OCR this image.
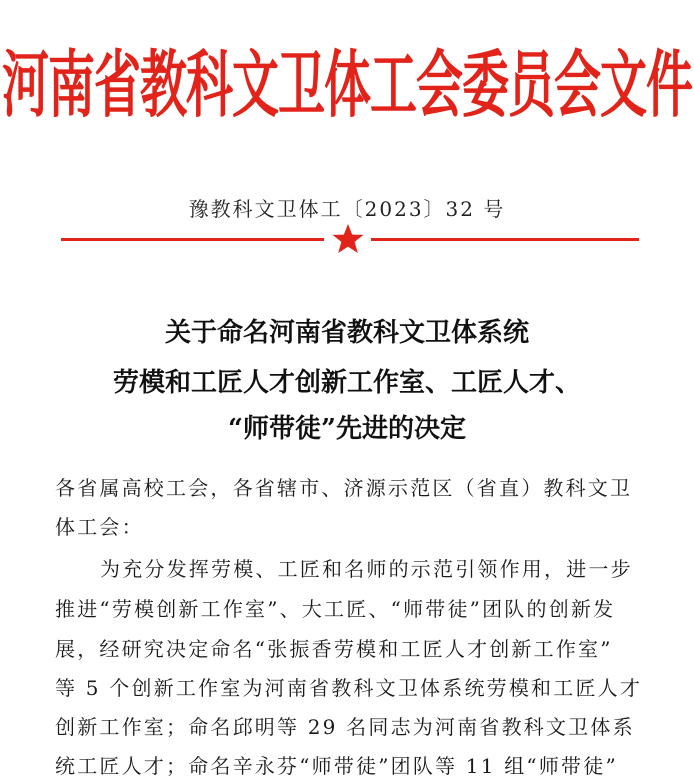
河南省教科文卫体工会委员会文件
豫教科文卫体工〔2023〕32 号
关于命名河南省教科文卫体系统
劳模和工匠人才创新工作室、工匠人才、
“师带徒”先进的决定
各省属高校工会，各省辖市、济源示范区（省直）教科文卫
体工会：
为充分发挥劳模、工匠和名师的示范引领作用，进一步
推进“劳模创新工作室”、大工匠、“师带徒”团队的创新发
展，经研究决定命名“张振香劳模和工匠人才创新工作室”
等 5 个创新工作室为河南省教科文卫体系统劳模和工匠人才
创新工作室；命名邱明等 29 名同志为河南省教科文卫体系
统工匠人才；命名辛永芬“师带徒”团队等 11 组“师带徒”
